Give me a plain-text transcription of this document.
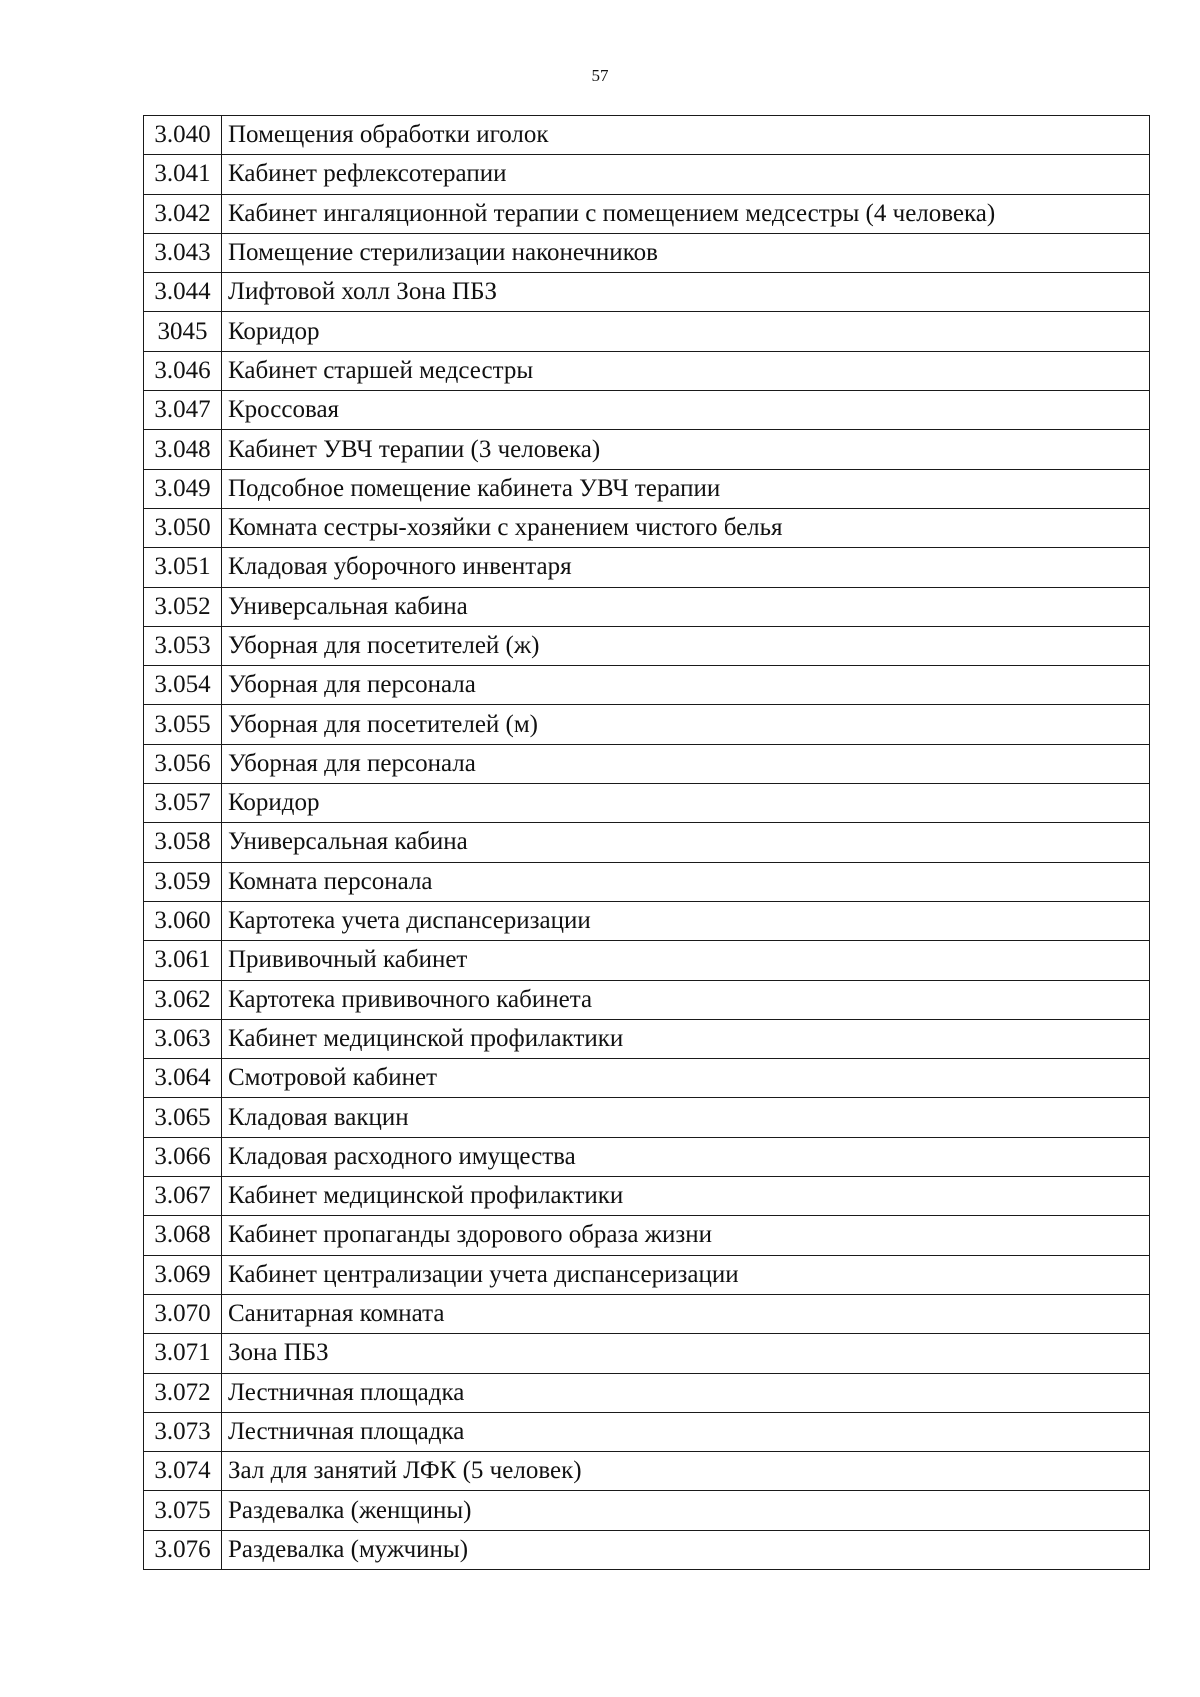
57
3.040	Помещения обработки иголок
3.041	Кабинет рефлексотерапии
3.042	Кабинет ингаляционной терапии с помещением медсестры (4 человека)
3.043	Помещение стерилизации наконечников
3.044	Лифтовой холл Зона ПБЗ
3045	Коридор
3.046	Кабинет старшей медсестры
3.047	Кроссовая
3.048	Кабинет УВЧ терапии (3 человека)
3.049	Подсобное помещение кабинета УВЧ терапии
3.050	Комната сестры-хозяйки с хранением чистого белья
3.051	Кладовая уборочного инвентаря
3.052	Универсальная кабина
3.053	Уборная для посетителей (ж)
3.054	Уборная для персонала
3.055	Уборная для посетителей (м)
3.056	Уборная для персонала
3.057	Коридор
3.058	Универсальная кабина
3.059	Комната персонала
3.060	Картотека учета диспансеризации
3.061	Прививочный кабинет
3.062	Картотека прививочного кабинета
3.063	Кабинет медицинской профилактики
3.064	Смотровой кабинет
3.065	Кладовая вакцин
3.066	Кладовая расходного имущества
3.067	Кабинет медицинской профилактики
3.068	Кабинет пропаганды здорового образа жизни
3.069	Кабинет централизации учета диспансеризации
3.070	Санитарная комната
3.071	Зона ПБЗ
3.072	Лестничная площадка
3.073	Лестничная площадка
3.074	Зал для занятий ЛФК (5 человек)
3.075	Раздевалка (женщины)
3.076	Раздевалка (мужчины)
